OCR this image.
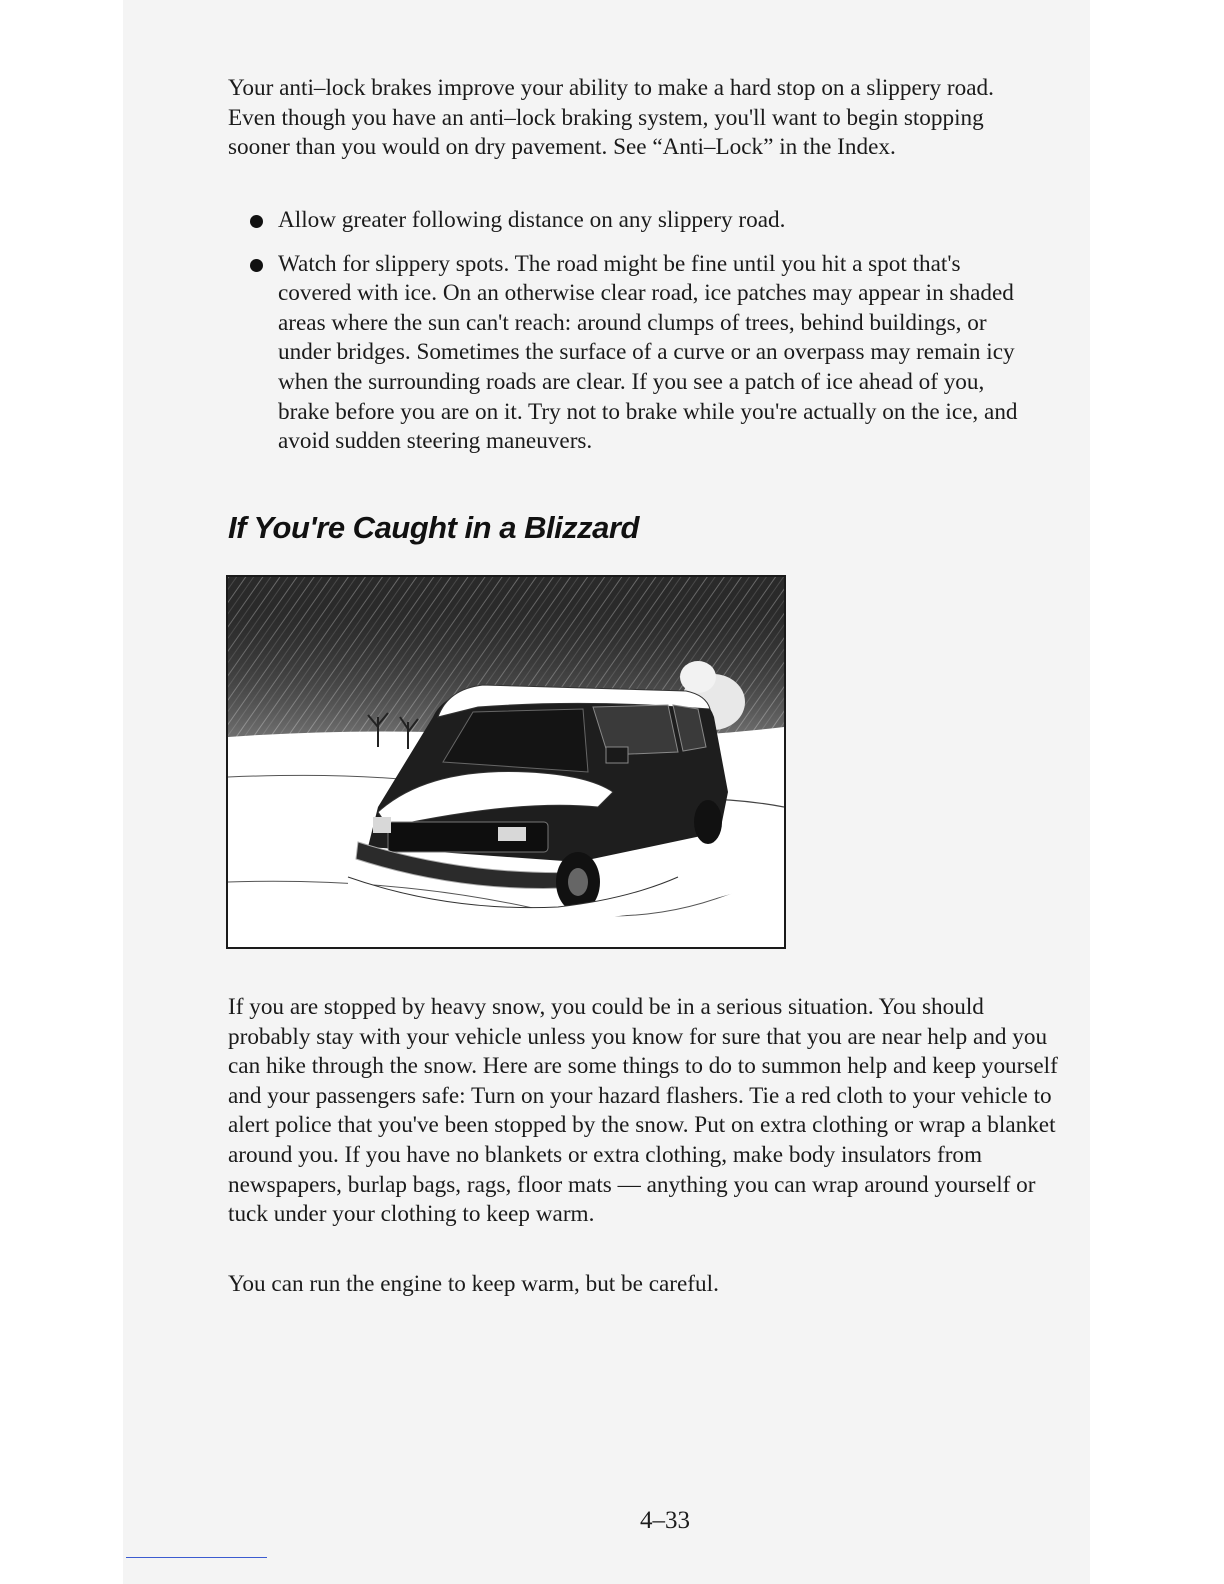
Your anti–lock brakes improve your ability to make a hard stop on a slippery road. Even though you have an anti–lock braking system, you'll want to begin stopping sooner than you would on dry pavement. See “Anti–Lock” in the Index.

Allow greater following distance on any slippery road.
Watch for slippery spots. The road might be fine until you hit a spot that's covered with ice. On an otherwise clear road, ice patches may appear in shaded areas where the sun can't reach: around clumps of trees, behind buildings, or under bridges. Sometimes the surface of a curve or an overpass may remain icy when the surrounding roads are clear. If you see a patch of ice ahead of you, brake before you are on it. Try not to brake while you're actually on the ice, and avoid sudden steering maneuvers.
If You're Caught in a Blizzard

If you are stopped by heavy snow, you could be in a serious situation. You should probably stay with your vehicle unless you know for sure that you are near help and you can hike through the snow. Here are some things to do to summon help and keep yourself and your passengers safe: Turn on your hazard flashers. Tie a red cloth to your vehicle to alert police that you've been stopped by the snow. Put on extra clothing or wrap a blanket around you. If you have no blankets or extra clothing, make body insulators from newspapers, burlap bags, rags, floor mats — anything you can wrap around yourself or tuck under your clothing to keep warm.

You can run the engine to keep warm, but be careful.

4–33
